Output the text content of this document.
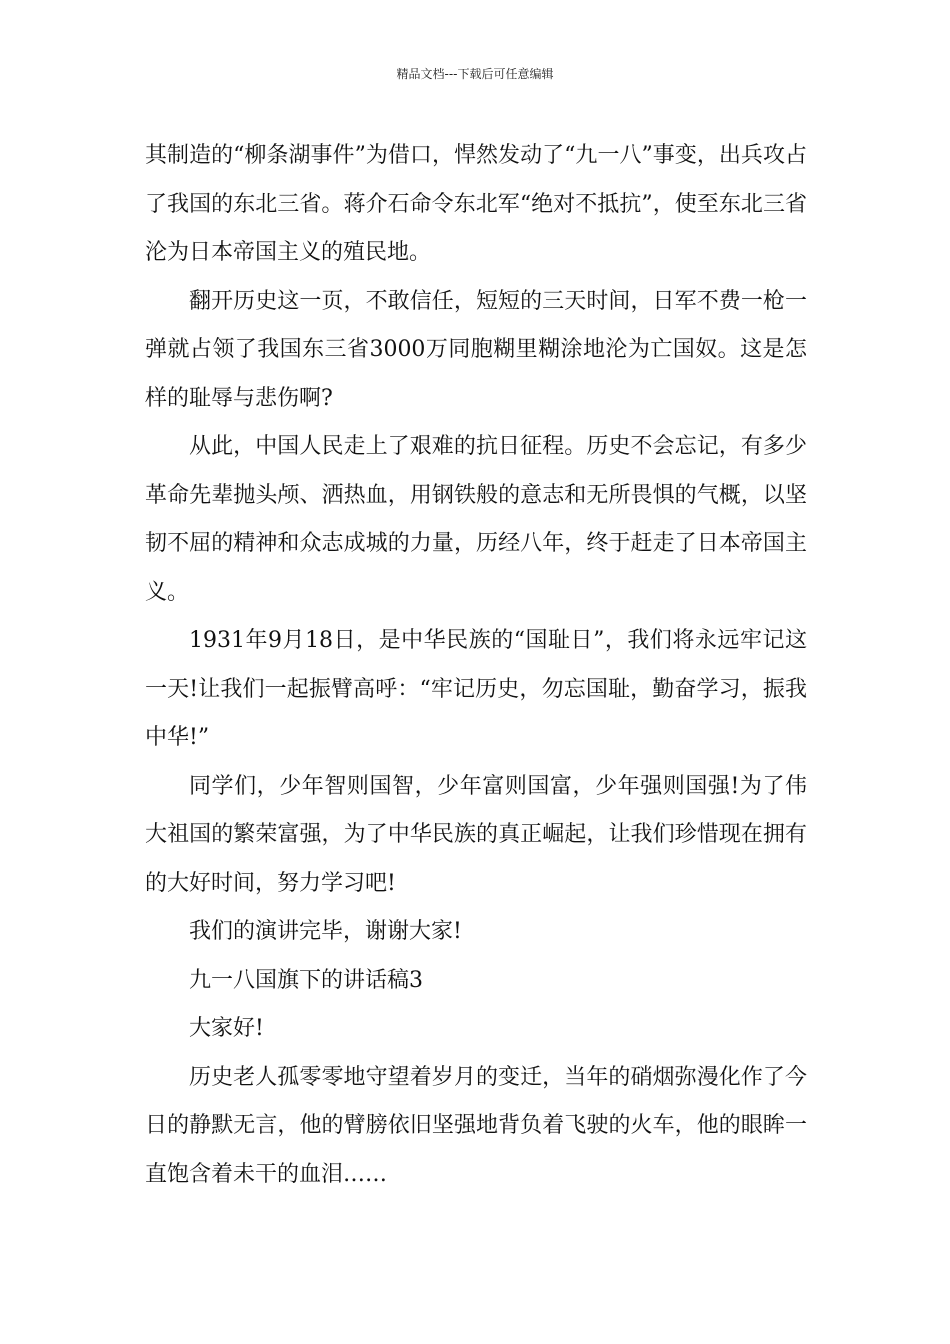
精品文档---下载后可任意编辑

其制造的“柳条湖事件”为借口，悍然发动了“九一八”事变，出兵攻占了我国的东北三省。蒋介石命令东北军“绝对不抵抗”，使至东北三省沦为日本帝国主义的殖民地。

翻开历史这一页，不敢信任，短短的三天时间，日军不费一枪一弹就占领了我国东三省3000万同胞糊里糊涂地沦为亡国奴。这是怎样的耻辱与悲伤啊?

从此，中国人民走上了艰难的抗日征程。历史不会忘记，有多少革命先辈抛头颅、洒热血，用钢铁般的意志和无所畏惧的气概，以坚韧不屈的精神和众志成城的力量，历经八年，终于赶走了日本帝国主义。

1931年9月18日，是中华民族的“国耻日”，我们将永远牢记这一天!让我们一起振臂高呼：“牢记历史，勿忘国耻，勤奋学习，振我中华!”

同学们，少年智则国智，少年富则国富，少年强则国强!为了伟大祖国的繁荣富强，为了中华民族的真正崛起，让我们珍惜现在拥有的大好时间，努力学习吧!

我们的演讲完毕，谢谢大家!

九一八国旗下的讲话稿3

大家好!

历史老人孤零零地守望着岁月的变迁，当年的硝烟弥漫化作了今日的静默无言，他的臂膀依旧坚强地背负着飞驶的火车，他的眼眸一直饱含着未干的血泪……
